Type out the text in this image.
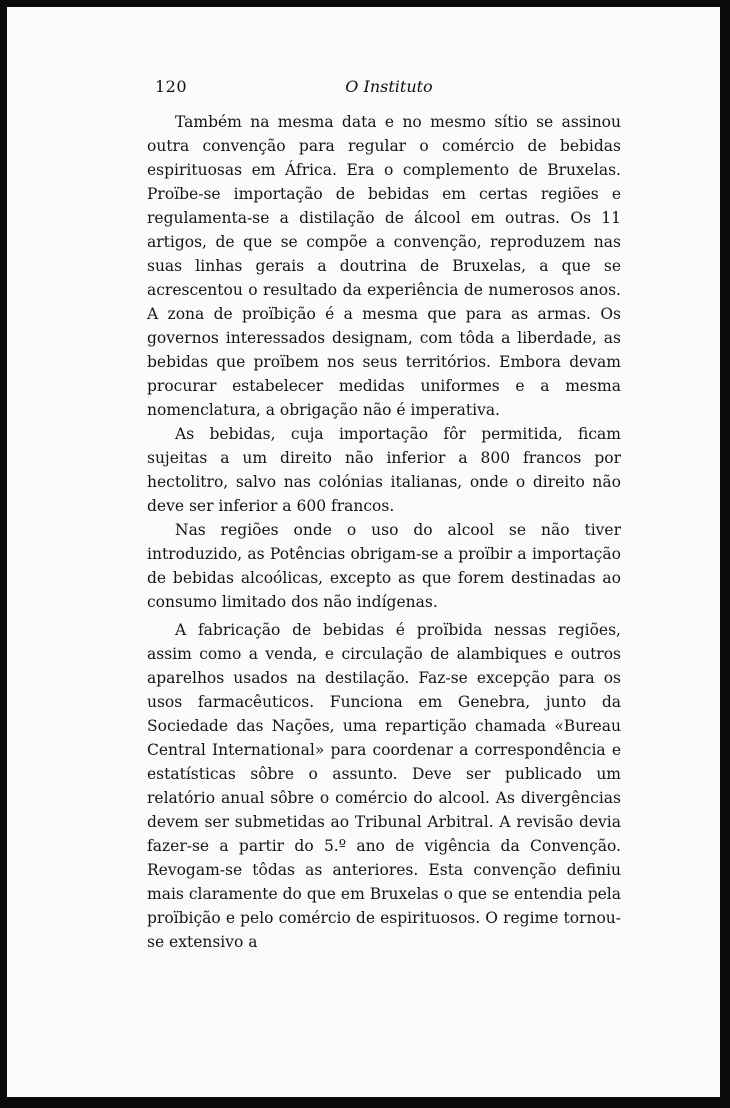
120	O Instituto

Também na mesma data e no mesmo sítio se assinou outra convenção para regular o comércio de bebidas espirituosas em África. Era o complemento de Bruxelas. Proïbe-se importação de bebidas em certas regiões e regulamenta-se a distilação de álcool em outras. Os 11 artigos, de que se compõe a convenção, reproduzem nas suas linhas gerais a doutrina de Bruxelas, a que se acrescentou o resultado da experiência de numerosos anos. A zona de proïbição é a mesma que para as armas. Os governos interessados designam, com tôda a liberdade, as bebidas que proïbem nos seus territórios. Embora devam procurar estabelecer medidas uniformes e a mesma nomenclatura, a obrigação não é imperativa.

As bebidas, cuja importação fôr permitida, ficam sujeitas a um direito não inferior a 800 francos por hectolitro, salvo nas colónias italianas, onde o direito não deve ser inferior a 600 francos.

Nas regiões onde o uso do alcool se não tiver introduzido, as Potências obrigam-se a proïbir a importação de bebidas alcoólicas, excepto as que forem destinadas ao consumo limitado dos não indígenas.

A fabricação de bebidas é proïbida nessas regiões, assim como a venda, e circulação de alambiques e outros aparelhos usados na destilação. Faz-se excepção para os usos farmacêuticos. Funciona em Genebra, junto da Sociedade das Nações, uma repartição chamada «Bureau Central International» para coordenar a correspondência e estatísticas sôbre o assunto. Deve ser publicado um relatório anual sôbre o comércio do alcool. As divergências devem ser submetidas ao Tribunal Arbitral. A revisão devia fazer-se a partir do 5.º ano de vigência da Convenção. Revogam-se tôdas as anteriores. Esta convenção definiu mais claramente do que em Bruxelas o que se entendia pela proïbição e pelo comércio de espirituosos. O regime tornou-se extensivo a
